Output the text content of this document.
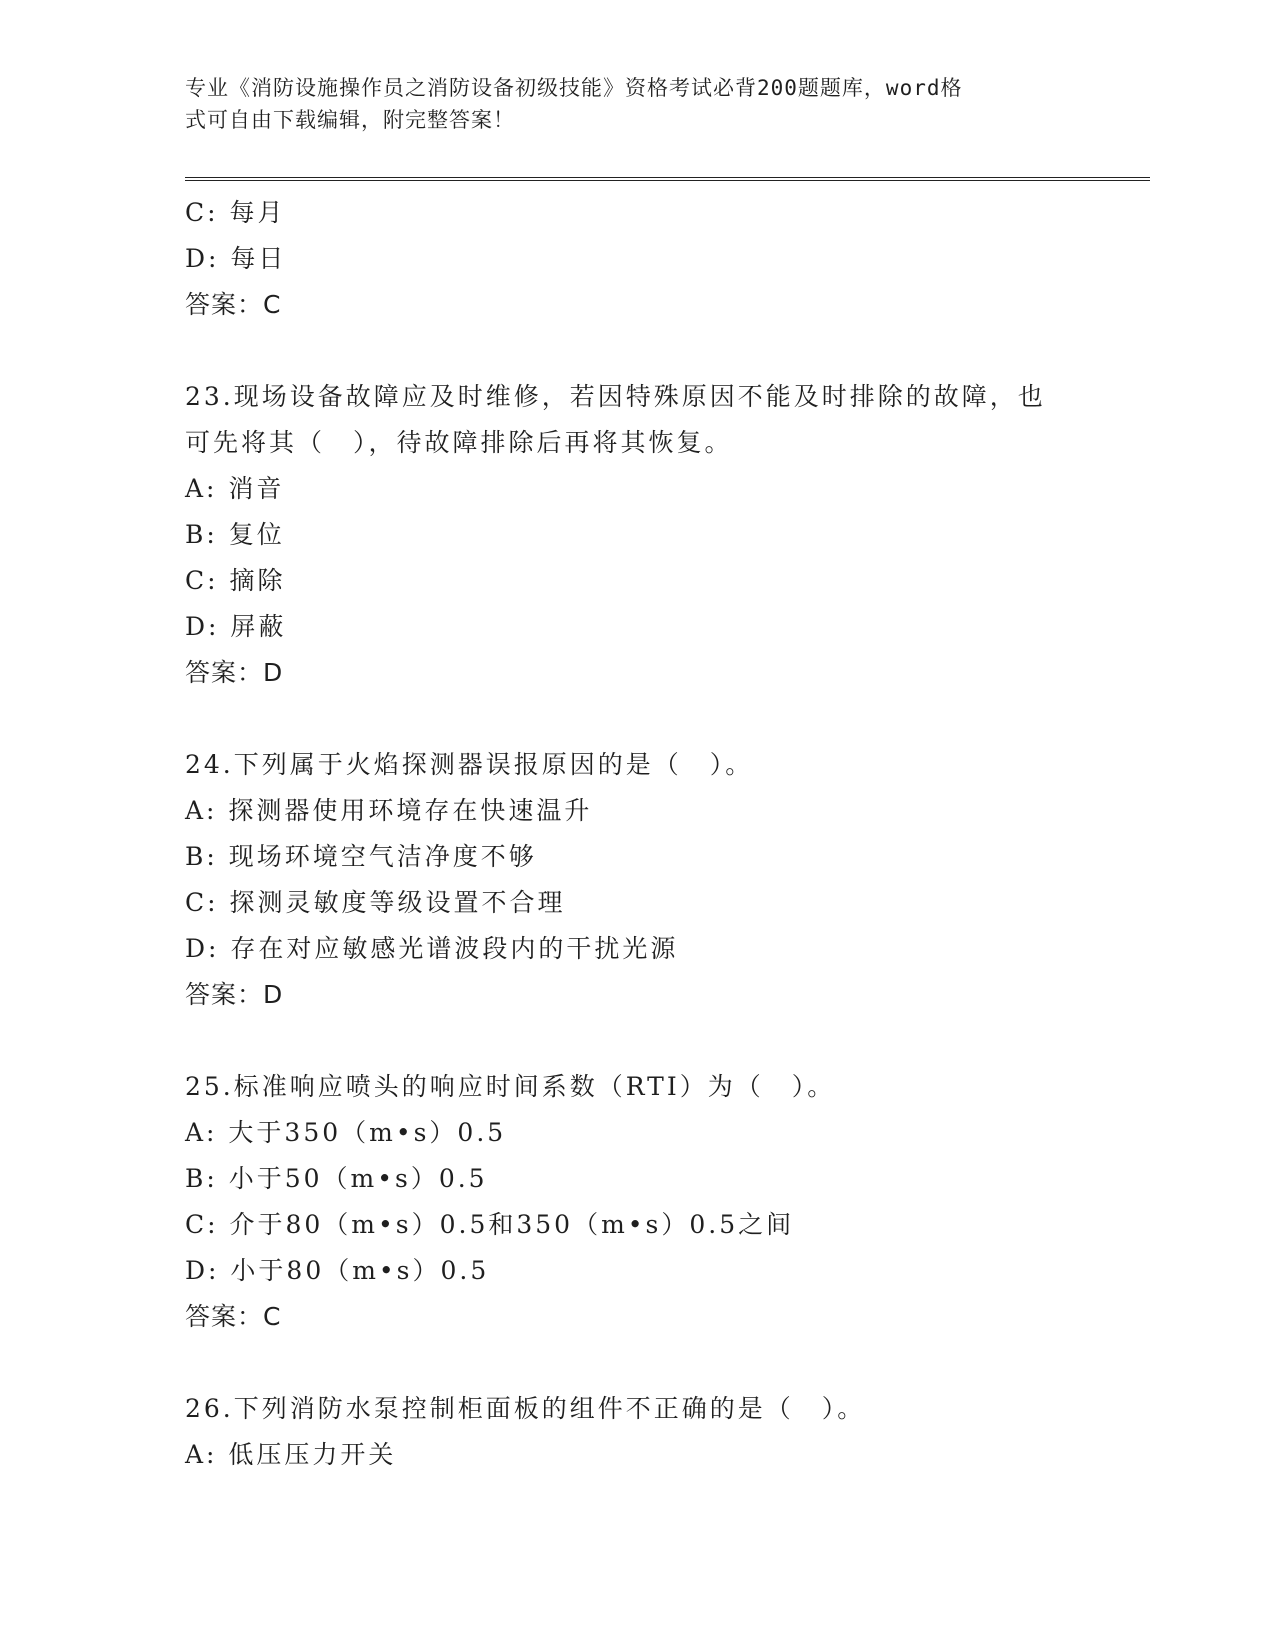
专业《消防设施操作员之消防设备初级技能》资格考试必背200题题库，word格
式可自由下载编辑，附完整答案！
C: 每月
D: 每日
答案：C
23.现场设备故障应及时维修，若因特殊原因不能及时排除的故障，也
可先将其（　），待故障排除后再将其恢复。
A: 消音
B: 复位
C: 摘除
D: 屏蔽
答案：D
24.下列属于火焰探测器误报原因的是（　）。
A: 探测器使用环境存在快速温升
B: 现场环境空气洁净度不够
C: 探测灵敏度等级设置不合理
D: 存在对应敏感光谱波段内的干扰光源
答案：D
25.标准响应喷头的响应时间系数（RTI）为（　）。
A: 大于350（m•s）0.5
B: 小于50（m•s）0.5
C: 介于80（m•s）0.5和350（m•s）0.5之间
D: 小于80（m•s）0.5
答案：C
26.下列消防水泵控制柜面板的组件不正确的是（　）。
A: 低压压力开关
